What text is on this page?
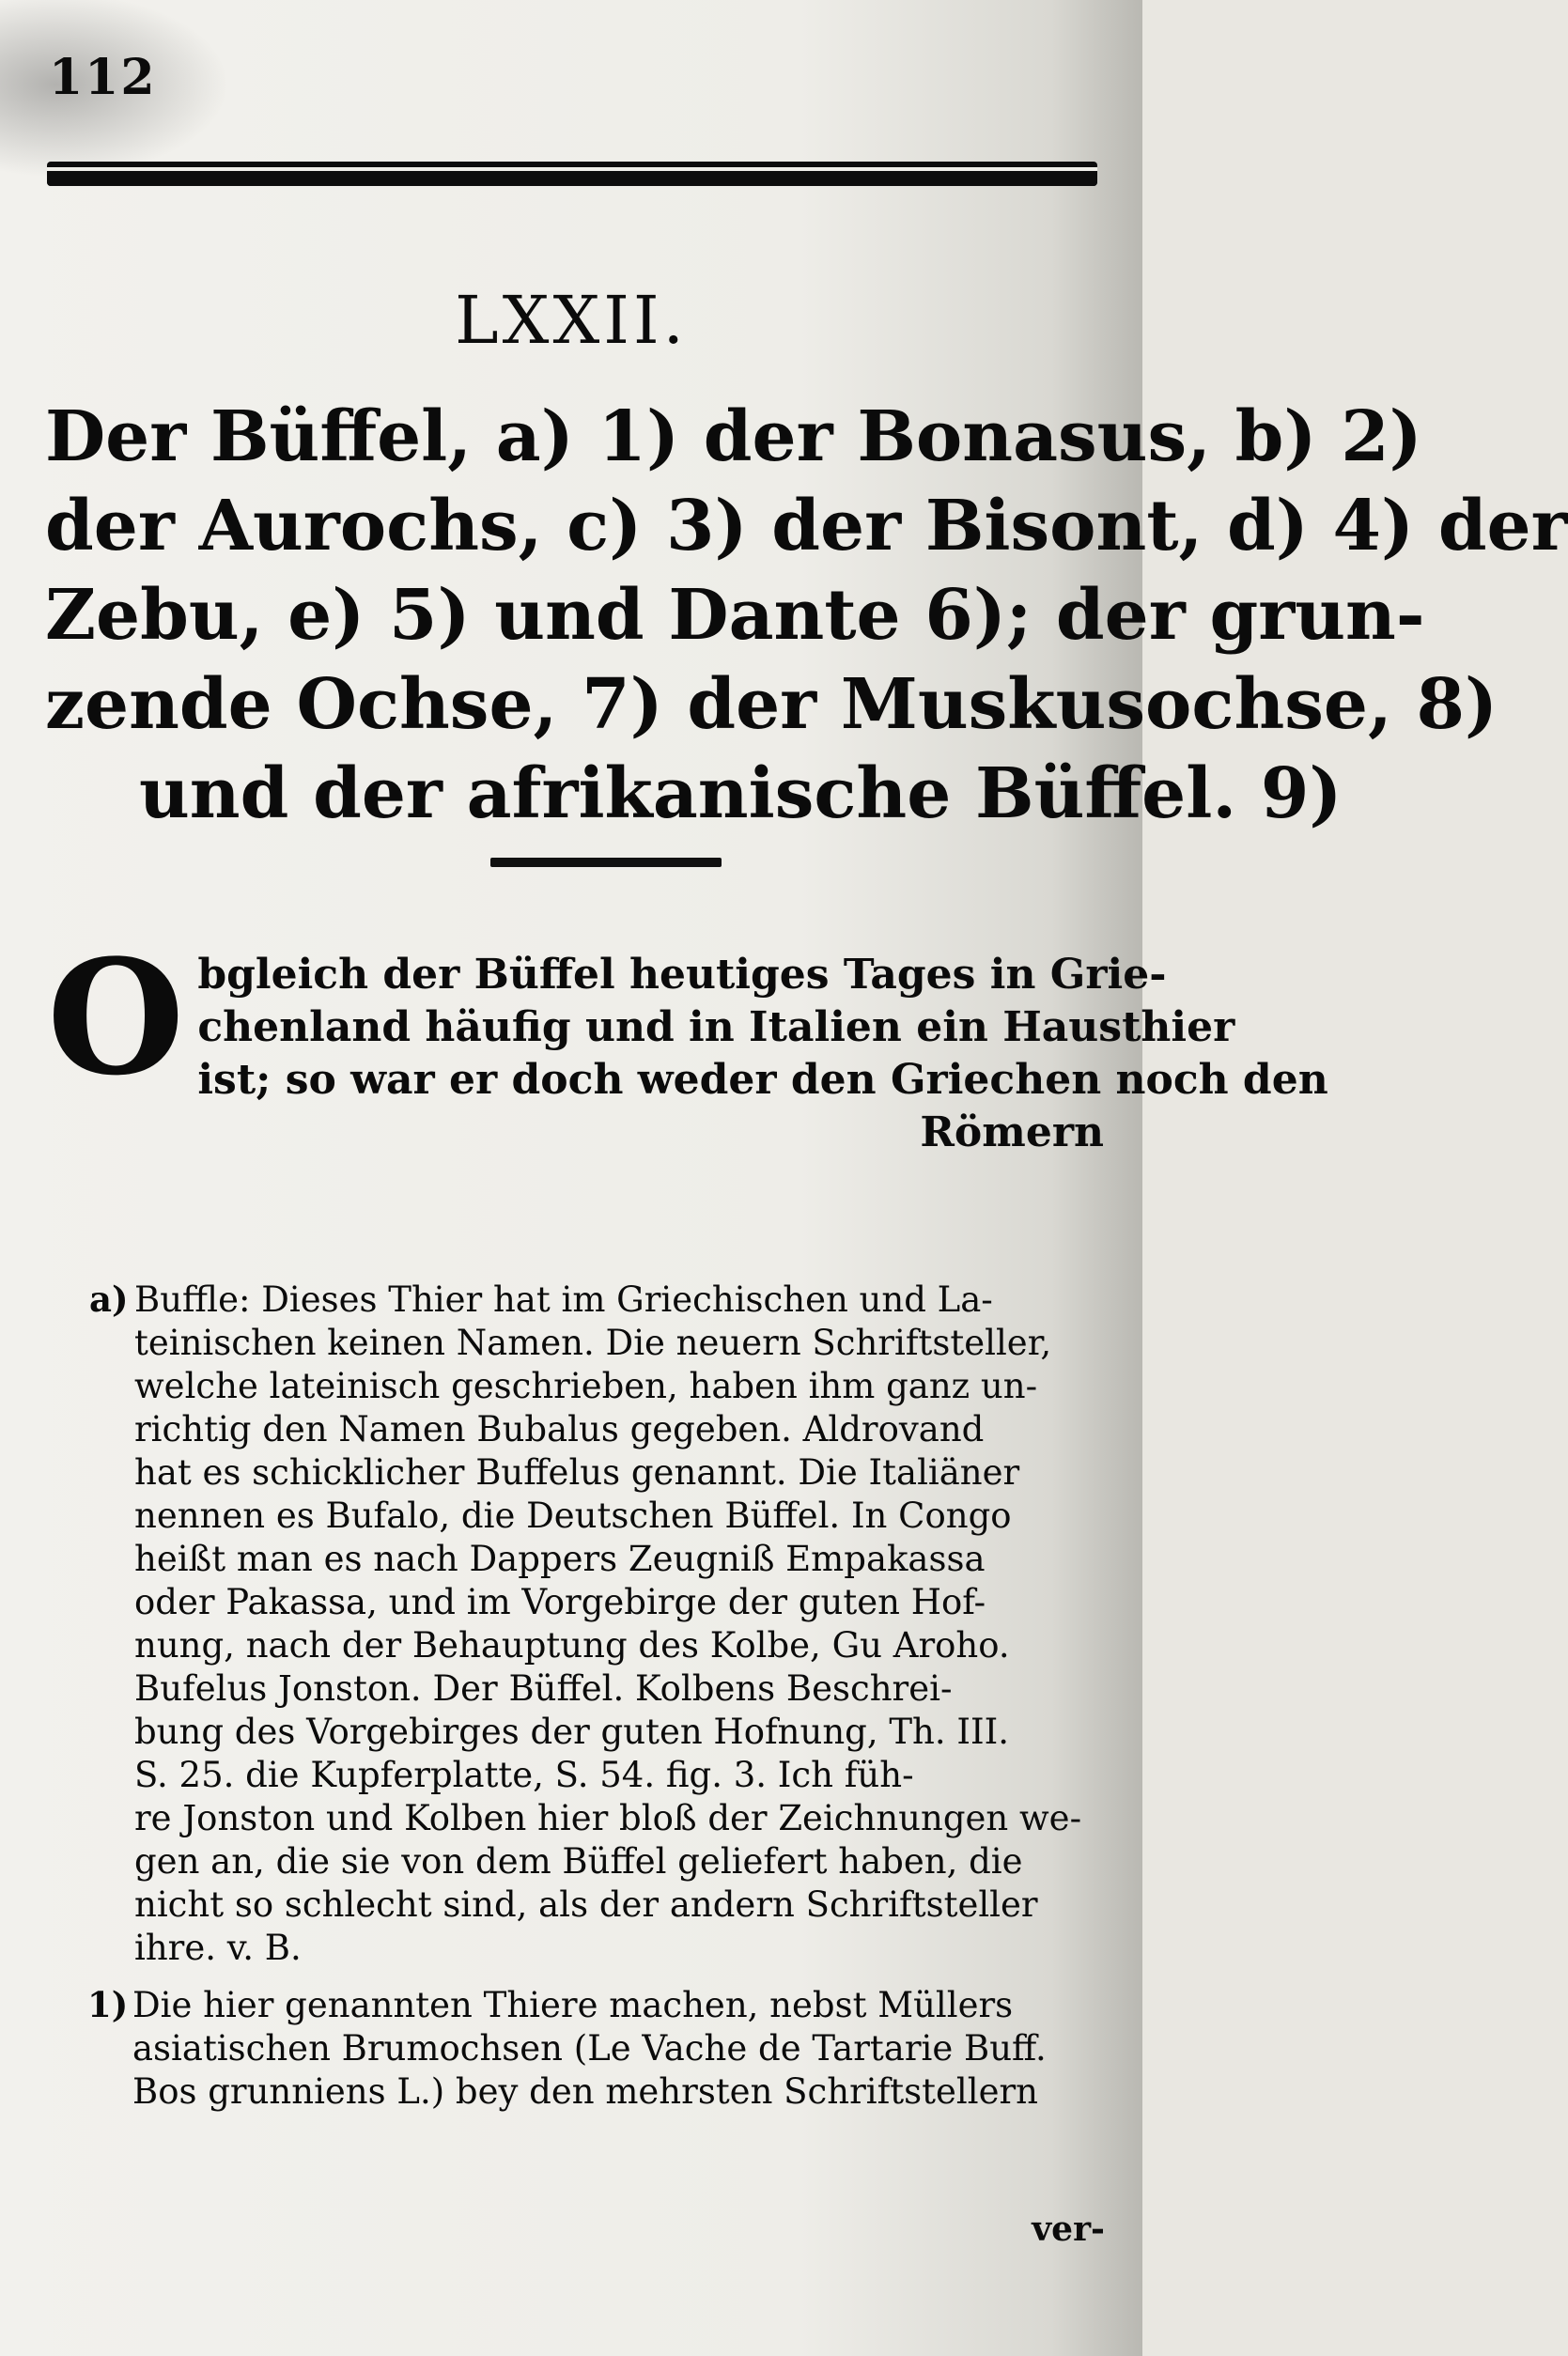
112
LXXII.
Der Büffel, a) 1) der Bonasus, b) 2)
der Aurochs, c) 3) der Bisont, d) 4) der
Zebu, e) 5) und Dante 6); der grun-
zende Ochse, 7) der Muskusochse, 8)
und der afrikanische Büffel. 9)
O bgleich der Büffel heutiges Tages in Grie-
chenland häufig und in Italien ein Hausthier
ist; so war er doch weder den Griechen noch den
Römern
a) Buffle: Dieses Thier hat im Griechischen und La-
teinischen keinen Namen. Die neuern Schriftsteller,
welche lateinisch geschrieben, haben ihm ganz un-
richtig den Namen Bubalus gegeben. Aldrovand
hat es schicklicher Buffelus genannt. Die Italiäner
nennen es Bufalo, die Deutschen Büffel. In Congo
heißt man es nach Dappers Zeugniß Empakassa
oder Pakassa, und im Vorgebirge der guten Hof-
nung, nach der Behauptung des Kolbe, Gu Aroho.
Bufelus Jonston. Der Büffel. Kolbens Beschrei-
bung des Vorgebirges der guten Hofnung, Th. III.
S. 25. die Kupferplatte, S. 54. fig. 3. Ich füh-
re Jonston und Kolben hier bloß der Zeichnungen we-
gen an, die sie von dem Büffel geliefert haben, die
nicht so schlecht sind, als der andern Schriftsteller
ihre. v. B.
1) Die hier genannten Thiere machen, nebst Müllers
asiatischen Brumochsen (Le Vache de Tartarie Buff.
Bos grunniens L.) bey den mehrsten Schriftstellern
ver-
